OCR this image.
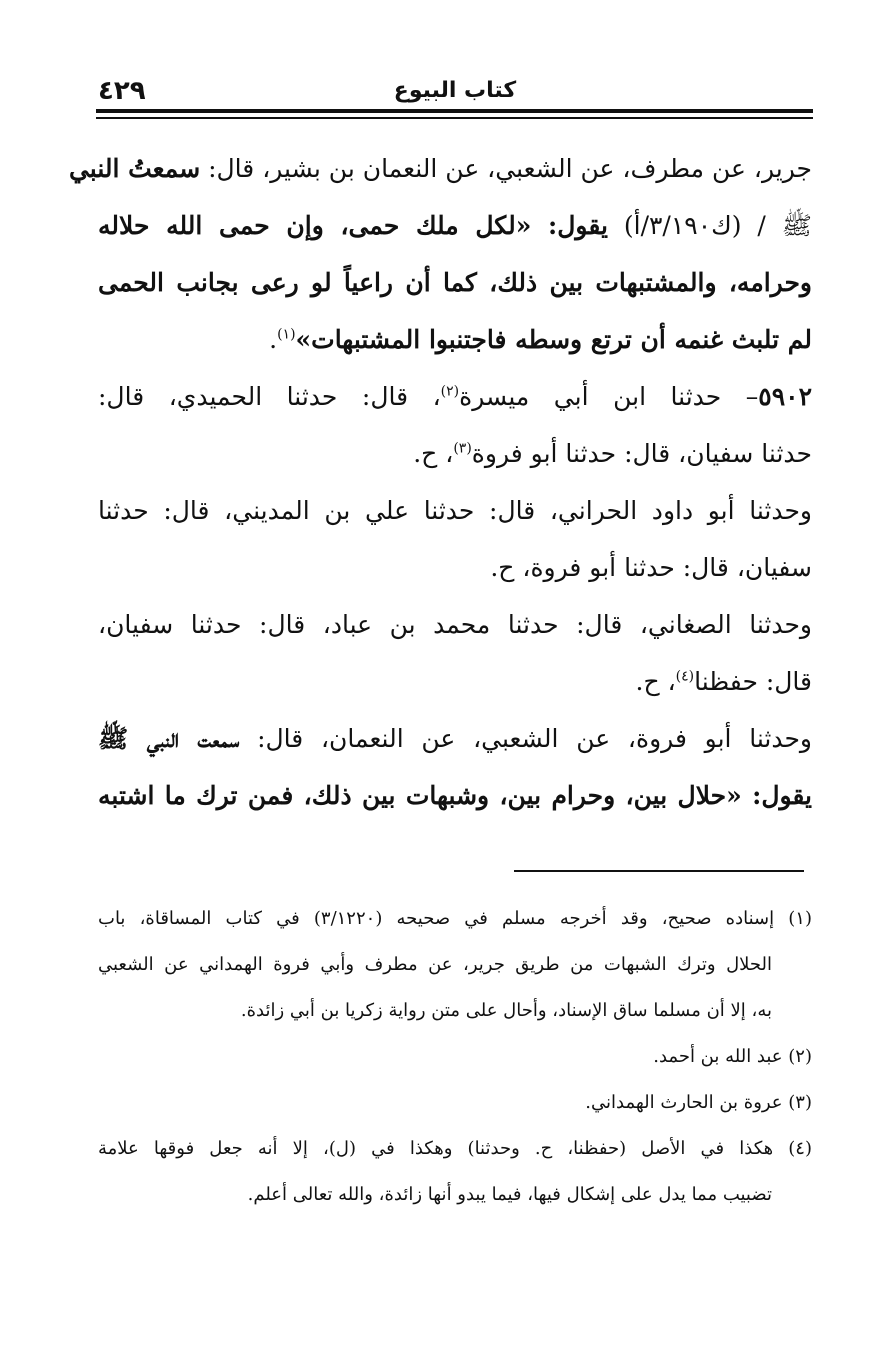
٤٢٩	كتاب البيوع
جرير، عن مطرف، عن الشعبي، عن النعمان بن بشير، قال: سمعتُ النبي
ﷺ / (ك٣/١٩٠/أ) يقول: «لكل ملك حمى، وإن حمى الله حلاله
وحرامه، والمشتبهات بين ذلك، كما أن راعياً لو رعى بجانب الحمى
لم تلبث غنمه أن ترتع وسطه فاجتنبوا المشتبهات»$^{(١)}$.
٥٩٠٢– حدثنا ابن أبي ميسرة$^{(٢)}$، قال: حدثنا الحميدي، قال:
حدثنا سفيان، قال: حدثنا أبو فروة$^{(٣)}$، ح.
وحدثنا أبو داود الحراني، قال: حدثنا علي بن المديني، قال: حدثنا
سفيان، قال: حدثنا أبو فروة، ح.
وحدثنا الصغاني، قال: حدثنا محمد بن عباد، قال: حدثنا سفيان،
قال: حفظنا$^{(٤)}$، ح.
وحدثنا أبو فروة، عن الشعبي، عن النعمان، قال: سمعت النبي ﷺ
يقول: «حلال بين، وحرام بين، وشبهات بين ذلك، فمن ترك ما اشتبه
(١) إسناده صحيح، وقد أخرجه مسلم في صحيحه (٣/١٢٢٠) في كتاب المساقاة، باب
الحلال وترك الشبهات من طريق جرير، عن مطرف وأبي فروة الهمداني عن الشعبي
به، إلا أن مسلما ساق الإسناد، وأحال على متن رواية زكريا بن أبي زائدة.
(٢) عبد الله بن أحمد.
(٣) عروة بن الحارث الهمداني.
(٤) هكذا في الأصل (حفظنا، ح. وحدثنا) وهكذا في (ل)، إلا أنه جعل فوقها علامة
تضبيب مما يدل على إشكال فيها، فيما يبدو أنها زائدة، والله تعالى أعلم.
